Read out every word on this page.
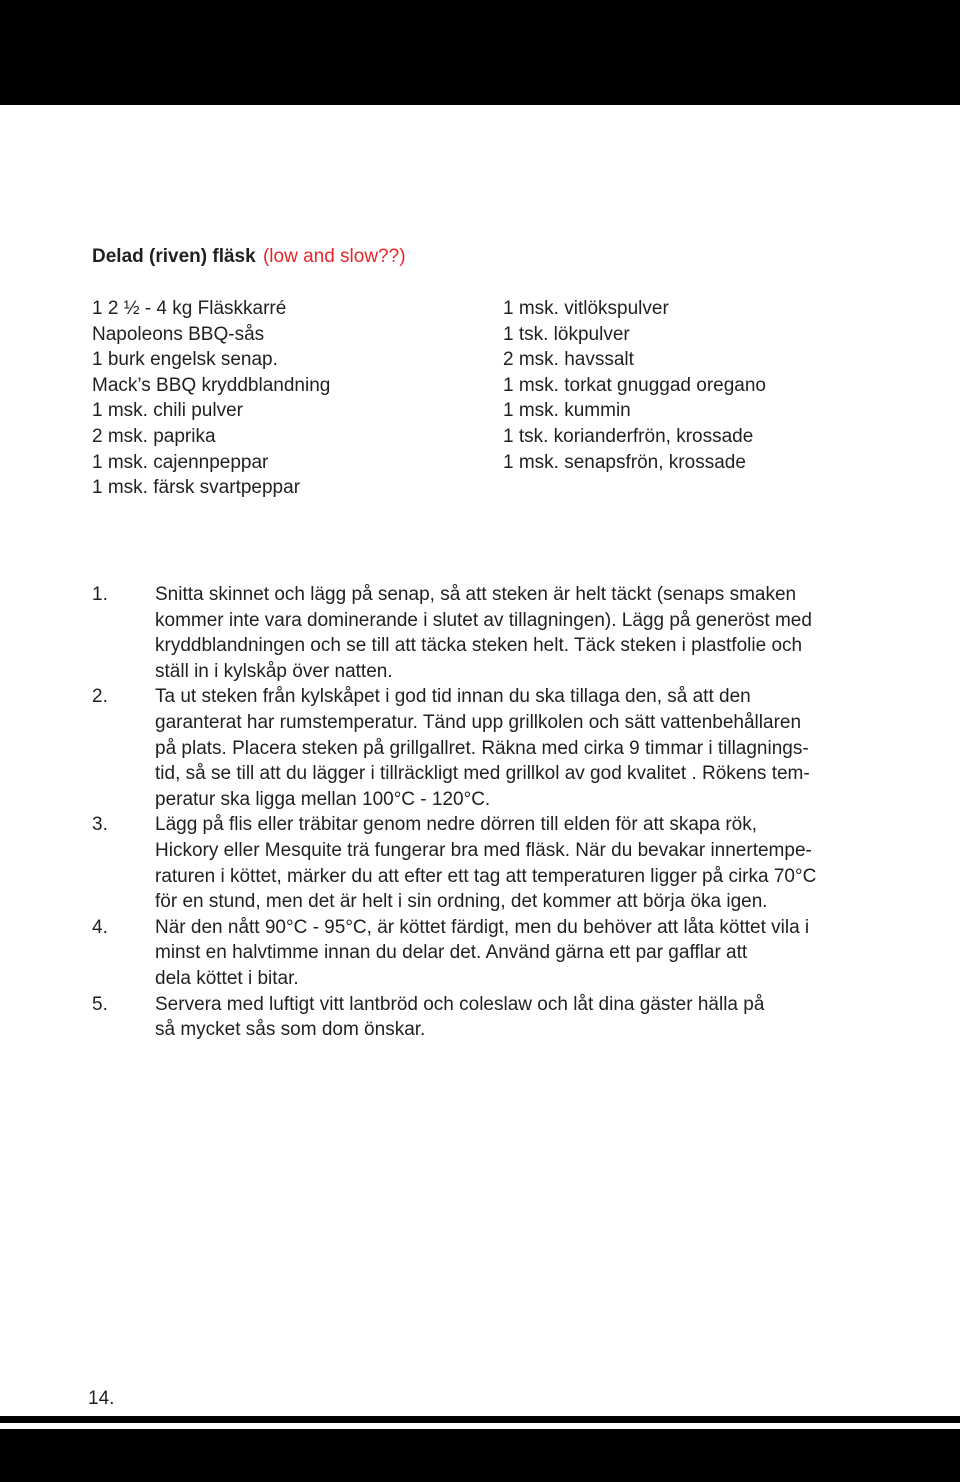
Delad (riven) fläsk (low and slow??)
1 2 ½ - 4 kg Fläskkarré
Napoleons BBQ-sås
1 burk engelsk senap.
Mack’s BBQ kryddblandning
1 msk. chili pulver
2 msk. paprika
1 msk. cajennpeppar
1 msk. färsk svartpeppar
1 msk. vitlökspulver
1 tsk. lökpulver
2 msk. havssalt
1 msk. torkat gnuggad oregano
1 msk. kummin
1 tsk. korianderfrön, krossade
1 msk. senapsfrön, krossade
1. Snitta skinnet och lägg på senap, så att steken är helt täckt (senaps smaken
kommer inte vara dominerande i slutet av tillagningen). Lägg på generöst med
kryddblandningen och se till att täcka steken helt. Täck steken i plastfolie och
ställ in i kylskåp över natten.
2. Ta ut steken från kylskåpet i god tid innan du ska tillaga den, så att den
garanterat har rumstemperatur. Tänd upp grillkolen och sätt vattenbehållaren
på plats. Placera steken på grillgallret. Räkna med cirka 9 timmar i tillagnings-
tid, så se till att du lägger i tillräckligt med grillkol av god kvalitet . Rökens tem-
peratur ska ligga mellan 100°C - 120°C.
3. Lägg på flis eller träbitar genom nedre dörren till elden för att skapa rök,
Hickory eller Mesquite trä fungerar bra med fläsk. När du bevakar innertempe-
raturen i köttet, märker du att efter ett tag att temperaturen ligger på cirka 70°C
för en stund, men det är helt i sin ordning, det kommer att börja öka igen.
4. När den nått 90°C - 95°C, är köttet färdigt, men du behöver att låta köttet vila i
minst en halvtimme innan du delar det. Använd gärna ett par gafflar att
dela köttet i bitar.
5. Servera med luftigt vitt lantbröd och coleslaw och låt dina gäster hälla på
så mycket sås som dom önskar.
14.
